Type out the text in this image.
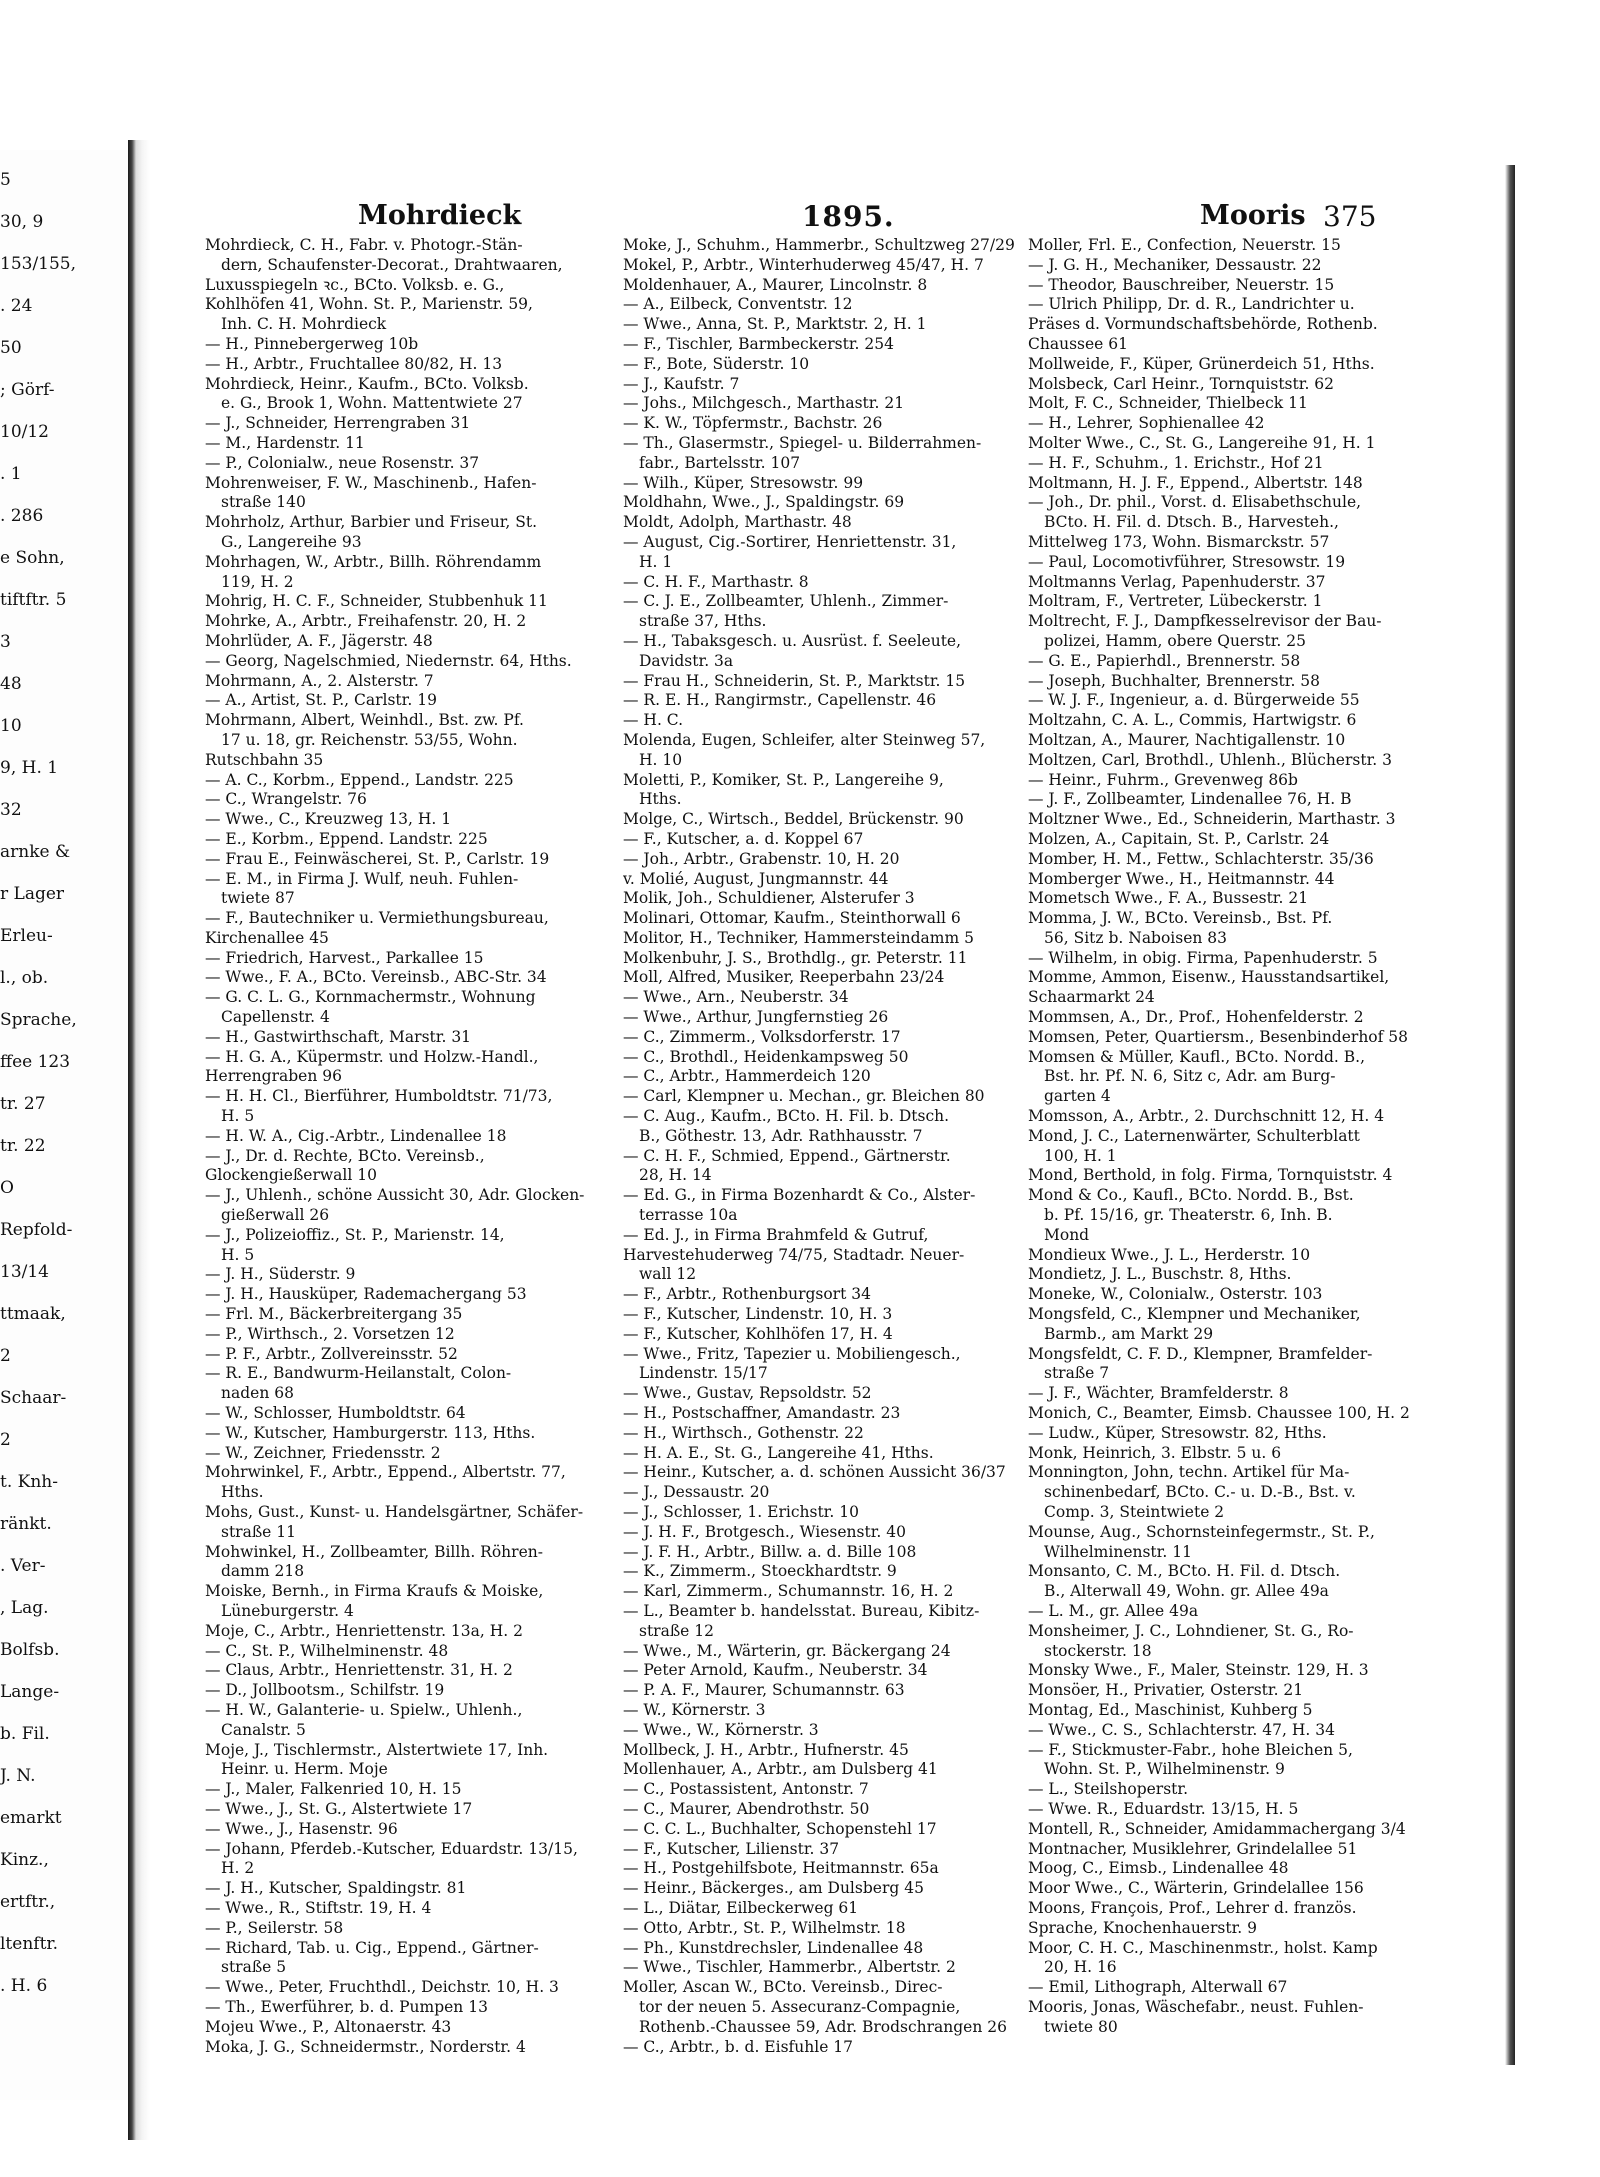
5
30, 9
153/155,
. 24
50
; Görf-
10/12
. 1
. 286
e Sohn,
tiftftr. 5
3
48
10
9, H. 1
32
arnke &
r Lager
Erleu-
l., ob.
Sprache,
ffee 123
tr. 27
tr. 22
O
Repfold-
13/14
ttmaak,
2
Schaar-
2
t. Knh-
ränkt.
. Ver-
, Lag.
Bolfsb.
Lange-
b. Fil.
J. N.
emarkt
Kinz.,
ertftr.,
ltenftr.
. H. 6
Mohrdieck	1895.	Mooris 375
Mohrdieck, C. H., Fabr. v. Photogr.-Stän-
dern, Schaufenster-Decorat., Drahtwaaren,
Luxusspiegeln ꝛc., BCto. Volksb. e. G.,
Kohlhöfen 41, Wohn. St. P., Marienstr. 59,
Inh. C. H. Mohrdieck
— H., Pinnebergerweg 10b
— H., Arbtr., Fruchtallee 80/82, H. 13
Mohrdieck, Heinr., Kaufm., BCto. Volksb.
e. G., Brook 1, Wohn. Mattentwiete 27
— J., Schneider, Herrengraben 31
— M., Hardenstr. 11
— P., Colonialw., neue Rosenstr. 37
Mohrenweiser, F. W., Maschinenb., Hafen-
straße 140
Mohrholz, Arthur, Barbier und Friseur, St.
G., Langereihe 93
Mohrhagen, W., Arbtr., Billh. Röhrendamm
119, H. 2
Mohrig, H. C. F., Schneider, Stubbenhuk 11
Mohrke, A., Arbtr., Freihafenstr. 20, H. 2
Mohrlüder, A. F., Jägerstr. 48
— Georg, Nagelschmied, Niedernstr. 64, Hths.
Mohrmann, A., 2. Alsterstr. 7
— A., Artist, St. P., Carlstr. 19
Mohrmann, Albert, Weinhdl., Bst. zw. Pf.
17 u. 18, gr. Reichenstr. 53/55, Wohn.
Rutschbahn 35
— A. C., Korbm., Eppend., Landstr. 225
— C., Wrangelstr. 76
— Wwe., C., Kreuzweg 13, H. 1
— E., Korbm., Eppend. Landstr. 225
— Frau E., Feinwäscherei, St. P., Carlstr. 19
— E. M., in Firma J. Wulf, neuh. Fuhlen-
twiete 87
— F., Bautechniker u. Vermiethungsbureau,
Kirchenallee 45
— Friedrich, Harvest., Parkallee 15
— Wwe., F. A., BCto. Vereinsb., ABC-Str. 34
— G. C. L. G., Kornmachermstr., Wohnung
Capellenstr. 4
— H., Gastwirthschaft, Marstr. 31
— H. G. A., Küpermstr. und Holzw.-Handl.,
Herrengraben 96
— H. H. Cl., Bierführer, Humboldtstr. 71/73,
H. 5
— H. W. A., Cig.-Arbtr., Lindenallee 18
— J., Dr. d. Rechte, BCto. Vereinsb.,
Glockengießerwall 10
— J., Uhlenh., schöne Aussicht 30, Adr. Glocken-
gießerwall 26
— J., Polizeioffiz., St. P., Marienstr. 14,
H. 5
— J. H., Süderstr. 9
— J. H., Hausküper, Rademachergang 53
— Frl. M., Bäckerbreitergang 35
— P., Wirthsch., 2. Vorsetzen 12
— P. F., Arbtr., Zollvereinsstr. 52
— R. E., Bandwurm-Heilanstalt, Colon-
naden 68
— W., Schlosser, Humboldtstr. 64
— W., Kutscher, Hamburgerstr. 113, Hths.
— W., Zeichner, Friedensstr. 2
Mohrwinkel, F., Arbtr., Eppend., Albertstr. 77,
Hths.
Mohs, Gust., Kunst- u. Handelsgärtner, Schäfer-
straße 11
Mohwinkel, H., Zollbeamter, Billh. Röhren-
damm 218
Moiske, Bernh., in Firma Kraufs & Moiske,
Lüneburgerstr. 4
Moje, C., Arbtr., Henriettenstr. 13a, H. 2
— C., St. P., Wilhelminenstr. 48
— Claus, Arbtr., Henriettenstr. 31, H. 2
— D., Jollbootsm., Schilfstr. 19
— H. W., Galanterie- u. Spielw., Uhlenh.,
Canalstr. 5
Moje, J., Tischlermstr., Alstertwiete 17, Inh.
Heinr. u. Herm. Moje
— J., Maler, Falkenried 10, H. 15
— Wwe., J., St. G., Alstertwiete 17
— Wwe., J., Hasenstr. 96
— Johann, Pferdeb.-Kutscher, Eduardstr. 13/15,
H. 2
— J. H., Kutscher, Spaldingstr. 81
— Wwe., R., Stiftstr. 19, H. 4
— P., Seilerstr. 58
— Richard, Tab. u. Cig., Eppend., Gärtner-
straße 5
— Wwe., Peter, Fruchthdl., Deichstr. 10, H. 3
— Th., Ewerführer, b. d. Pumpen 13
Mojeu Wwe., P., Altonaerstr. 43
Moka, J. G., Schneidermstr., Norderstr. 4
Moke, J., Schuhm., Hammerbr., Schultzweg 27/29
Mokel, P., Arbtr., Winterhuderweg 45/47, H. 7
Moldenhauer, A., Maurer, Lincolnstr. 8
— A., Eilbeck, Conventstr. 12
— Wwe., Anna, St. P., Marktstr. 2, H. 1
— F., Tischler, Barmbeckerstr. 254
— F., Bote, Süderstr. 10
— J., Kaufstr. 7
— Johs., Milchgesch., Marthastr. 21
— K. W., Töpfermstr., Bachstr. 26
— Th., Glasermstr., Spiegel- u. Bilderrahmen-
fabr., Bartelsstr. 107
— Wilh., Küper, Stresowstr. 99
Moldhahn, Wwe., J., Spaldingstr. 69
Moldt, Adolph, Marthastr. 48
— August, Cig.-Sortirer, Henriettenstr. 31,
H. 1
— C. H. F., Marthastr. 8
— C. J. E., Zollbeamter, Uhlenh., Zimmer-
straße 37, Hths.
— H., Tabaksgesch. u. Ausrüst. f. Seeleute,
Davidstr. 3a
— Frau H., Schneiderin, St. P., Marktstr. 15
— R. E. H., Rangirmstr., Capellenstr. 46
— H. C.
Molenda, Eugen, Schleifer, alter Steinweg 57,
H. 10
Moletti, P., Komiker, St. P., Langereihe 9,
Hths.
Molge, C., Wirtsch., Beddel, Brückenstr. 90
— F., Kutscher, a. d. Koppel 67
— Joh., Arbtr., Grabenstr. 10, H. 20
v. Molié, August, Jungmannstr. 44
Molik, Joh., Schuldiener, Alsterufer 3
Molinari, Ottomar, Kaufm., Steinthorwall 6
Molitor, H., Techniker, Hammersteindamm 5
Molkenbuhr, J. S., Brothdlg., gr. Peterstr. 11
Moll, Alfred, Musiker, Reeperbahn 23/24
— Wwe., Arn., Neuberstr. 34
— Wwe., Arthur, Jungfernstieg 26
— C., Zimmerm., Volksdorferstr. 17
— C., Brothdl., Heidenkampsweg 50
— C., Arbtr., Hammerdeich 120
— Carl, Klempner u. Mechan., gr. Bleichen 80
— C. Aug., Kaufm., BCto. H. Fil. b. Dtsch.
B., Göthestr. 13, Adr. Rathhausstr. 7
— C. H. F., Schmied, Eppend., Gärtnerstr.
28, H. 14
— Ed. G., in Firma Bozenhardt & Co., Alster-
terrasse 10a
— Ed. J., in Firma Brahmfeld & Gutruf,
Harvestehuderweg 74/75, Stadtadr. Neuer-
wall 12
— F., Arbtr., Rothenburgsort 34
— F., Kutscher, Lindenstr. 10, H. 3
— F., Kutscher, Kohlhöfen 17, H. 4
— Wwe., Fritz, Tapezier u. Mobiliengesch.,
Lindenstr. 15/17
— Wwe., Gustav, Repsoldstr. 52
— H., Postschaffner, Amandastr. 23
— H., Wirthsch., Gothenstr. 22
— H. A. E., St. G., Langereihe 41, Hths.
— Heinr., Kutscher, a. d. schönen Aussicht 36/37
— J., Dessaustr. 20
— J., Schlosser, 1. Erichstr. 10
— J. H. F., Brotgesch., Wiesenstr. 40
— J. F. H., Arbtr., Billw. a. d. Bille 108
— K., Zimmerm., Stoeckhardtstr. 9
— Karl, Zimmerm., Schumannstr. 16, H. 2
— L., Beamter b. handelsstat. Bureau, Kibitz-
straße 12
— Wwe., M., Wärterin, gr. Bäckergang 24
— Peter Arnold, Kaufm., Neuberstr. 34
— P. A. F., Maurer, Schumannstr. 63
— W., Körnerstr. 3
— Wwe., W., Körnerstr. 3
Mollbeck, J. H., Arbtr., Hufnerstr. 45
Mollenhauer, A., Arbtr., am Dulsberg 41
— C., Postassistent, Antonstr. 7
— C., Maurer, Abendrothstr. 50
— C. C. L., Buchhalter, Schopenstehl 17
— F., Kutscher, Lilienstr. 37
— H., Postgehilfsbote, Heitmannstr. 65a
— Heinr., Bäckerges., am Dulsberg 45
— L., Diätar, Eilbeckerweg 61
— Otto, Arbtr., St. P., Wilhelmstr. 18
— Ph., Kunstdrechsler, Lindenallee 48
— Wwe., Tischler, Hammerbr., Albertstr. 2
Moller, Ascan W., BCto. Vereinsb., Direc-
tor der neuen 5. Assecuranz-Compagnie,
Rothenb.-Chaussee 59, Adr. Brodschrangen 26
— C., Arbtr., b. d. Eisfuhle 17
Moller, Frl. E., Confection, Neuerstr. 15
— J. G. H., Mechaniker, Dessaustr. 22
— Theodor, Bauschreiber, Neuerstr. 15
— Ulrich Philipp, Dr. d. R., Landrichter u.
Präses d. Vormundschaftsbehörde, Rothenb.
Chaussee 61
Mollweide, F., Küper, Grünerdeich 51, Hths.
Molsbeck, Carl Heinr., Tornquiststr. 62
Molt, F. C., Schneider, Thielbeck 11
— H., Lehrer, Sophienallee 42
Molter Wwe., C., St. G., Langereihe 91, H. 1
— H. F., Schuhm., 1. Erichstr., Hof 21
Moltmann, H. J. F., Eppend., Albertstr. 148
— Joh., Dr. phil., Vorst. d. Elisabethschule,
BCto. H. Fil. d. Dtsch. B., Harvesteh.,
Mittelweg 173, Wohn. Bismarckstr. 57
— Paul, Locomotivführer, Stresowstr. 19
Moltmanns Verlag, Papenhuderstr. 37
Moltram, F., Vertreter, Lübeckerstr. 1
Moltrecht, F. J., Dampfkesselrevisor der Bau-
polizei, Hamm, obere Querstr. 25
— G. E., Papierhdl., Brennerstr. 58
— Joseph, Buchhalter, Brennerstr. 58
— W. J. F., Ingenieur, a. d. Bürgerweide 55
Moltzahn, C. A. L., Commis, Hartwigstr. 6
Moltzan, A., Maurer, Nachtigallenstr. 10
Moltzen, Carl, Brothdl., Uhlenh., Blücherstr. 3
— Heinr., Fuhrm., Grevenweg 86b
— J. F., Zollbeamter, Lindenallee 76, H. B
Moltzner Wwe., Ed., Schneiderin, Marthastr. 3
Molzen, A., Capitain, St. P., Carlstr. 24
Momber, H. M., Fettw., Schlachterstr. 35/36
Momberger Wwe., H., Heitmannstr. 44
Mometsch Wwe., F. A., Bussestr. 21
Momma, J. W., BCto. Vereinsb., Bst. Pf.
56, Sitz b. Naboisen 83
— Wilhelm, in obig. Firma, Papenhuderstr. 5
Momme, Ammon, Eisenw., Hausstandsartikel,
Schaarmarkt 24
Mommsen, A., Dr., Prof., Hohenfelderstr. 2
Momsen, Peter, Quartiersm., Besenbinderhof 58
Momsen & Müller, Kaufl., BCto. Nordd. B.,
Bst. hr. Pf. N. 6, Sitz c, Adr. am Burg-
garten 4
Momsson, A., Arbtr., 2. Durchschnitt 12, H. 4
Mond, J. C., Laternenwärter, Schulterblatt
100, H. 1
Mond, Berthold, in folg. Firma, Tornquiststr. 4
Mond & Co., Kaufl., BCto. Nordd. B., Bst.
b. Pf. 15/16, gr. Theaterstr. 6, Inh. B.
Mond
Mondieux Wwe., J. L., Herderstr. 10
Mondietz, J. L., Buschstr. 8, Hths.
Moneke, W., Colonialw., Osterstr. 103
Mongsfeld, C., Klempner und Mechaniker,
Barmb., am Markt 29
Mongsfeldt, C. F. D., Klempner, Bramfelder-
straße 7
— J. F., Wächter, Bramfelderstr. 8
Monich, C., Beamter, Eimsb. Chaussee 100, H. 2
— Ludw., Küper, Stresowstr. 82, Hths.
Monk, Heinrich, 3. Elbstr. 5 u. 6
Monnington, John, techn. Artikel für Ma-
schinenbedarf, BCto. C.- u. D.-B., Bst. v.
Comp. 3, Steintwiete 2
Mounse, Aug., Schornsteinfegermstr., St. P.,
Wilhelminenstr. 11
Monsanto, C. M., BCto. H. Fil. d. Dtsch.
B., Alterwall 49, Wohn. gr. Allee 49a
— L. M., gr. Allee 49a
Monsheimer, J. C., Lohndiener, St. G., Ro-
stockerstr. 18
Monsky Wwe., F., Maler, Steinstr. 129, H. 3
Monsöer, H., Privatier, Osterstr. 21
Montag, Ed., Maschinist, Kuhberg 5
— Wwe., C. S., Schlachterstr. 47, H. 34
— F., Stickmuster-Fabr., hohe Bleichen 5,
Wohn. St. P., Wilhelminenstr. 9
— L., Steilshoperstr.
— Wwe. R., Eduardstr. 13/15, H. 5
Montell, R., Schneider, Amidammachergang 3/4
Montnacher, Musiklehrer, Grindelallee 51
Moog, C., Eimsb., Lindenallee 48
Moor Wwe., C., Wärterin, Grindelallee 156
Moons, François, Prof., Lehrer d. französ.
Sprache, Knochenhauerstr. 9
Moor, C. H. C., Maschinenmstr., holst. Kamp
20, H. 16
— Emil, Lithograph, Alterwall 67
Mooris, Jonas, Wäschefabr., neust. Fuhlen-
twiete 80
